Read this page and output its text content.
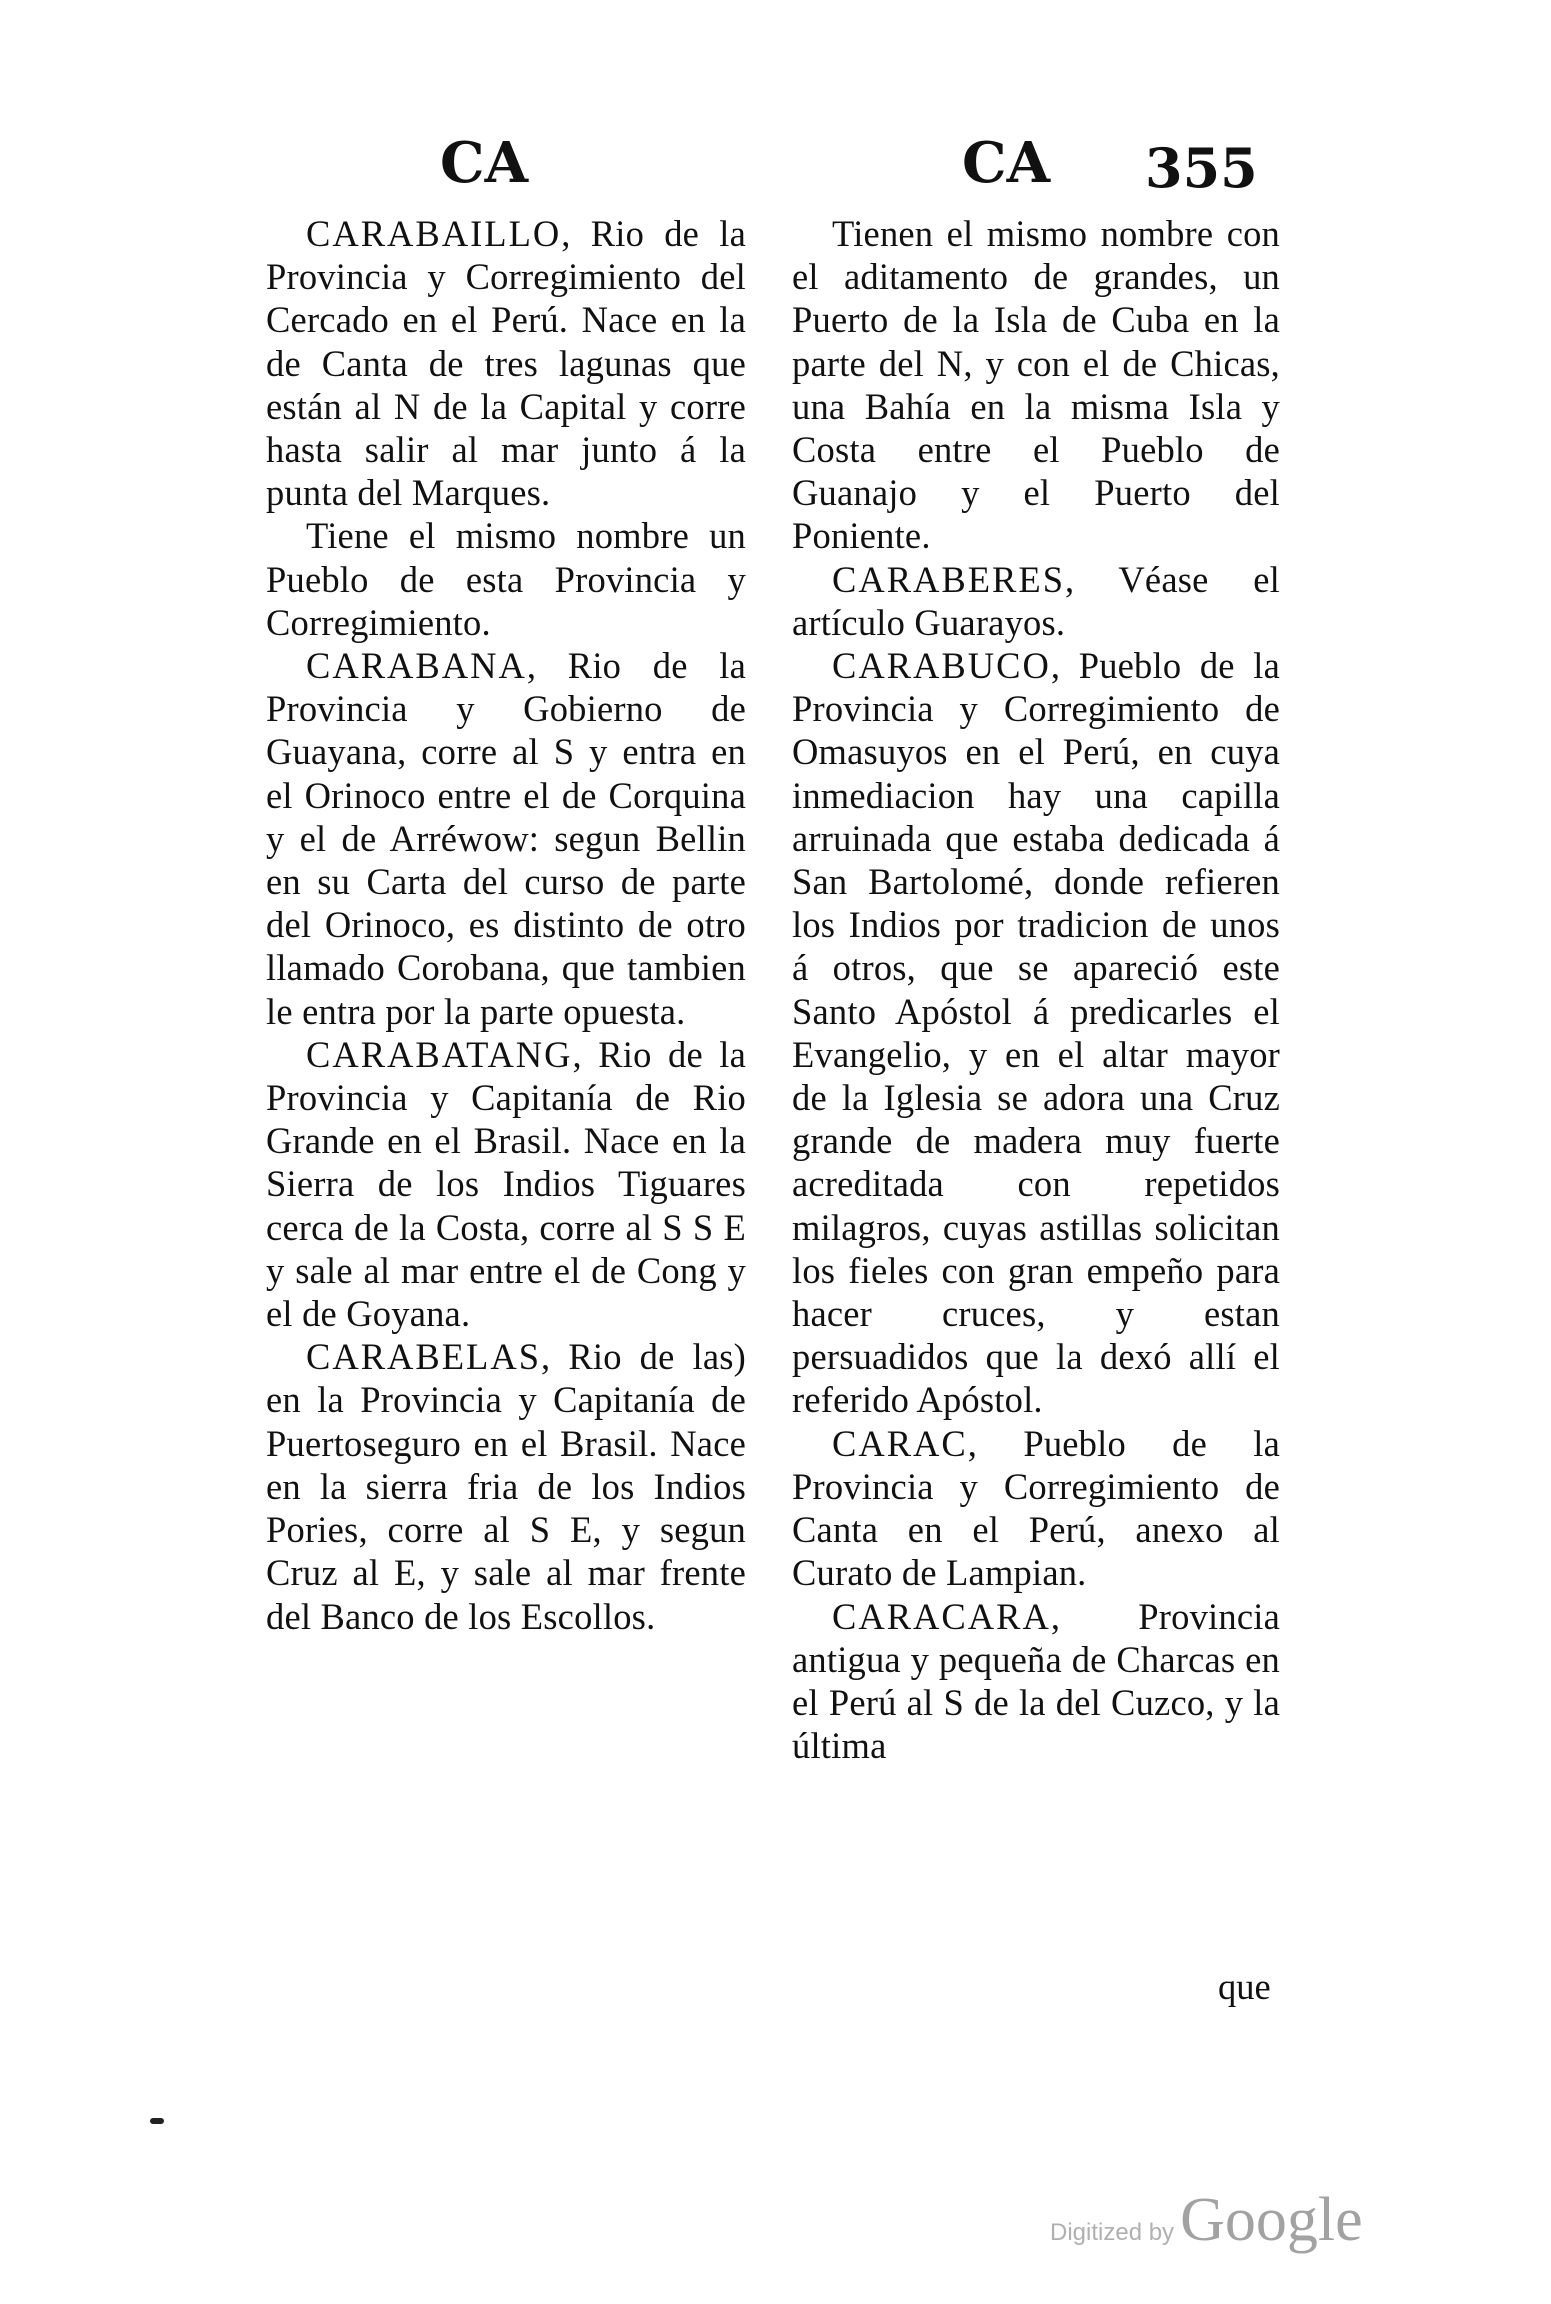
CA	CA 355

CARABAILLO, Rio de la Provincia y Corregimiento del Cercado en el Perú. Nace en la de Canta de tres lagunas que están al N de la Capital y corre hasta salir al mar junto á la punta del Marques.

Tiene el mismo nombre un Pueblo de esta Provincia y Corregimiento.

CARABANA, Rio de la Provincia y Gobierno de Guayana, corre al S y entra en el Orinoco entre el de Corquina y el de Arréwow: segun Bellin en su Carta del curso de parte del Orinoco, es distinto de otro llamado Corobana, que tambien le entra por la parte opuesta.

CARABATANG, Rio de la Provincia y Capitanía de Rio Grande en el Brasil. Nace en la Sierra de los Indios Tiguares cerca de la Costa, corre al S S E y sale al mar entre el de Cong y el de Goyana.

CARABELAS, Rio de las) en la Provincia y Capitanía de Puertoseguro en el Brasil. Nace en la sierra fria de los Indios Pories, corre al S E, y segun Cruz al E, y sale al mar frente del Banco de los Escollos.

Tienen el mismo nombre con el aditamento de grandes, un Puerto de la Isla de Cuba en la parte del N, y con el de Chicas, una Bahía en la misma Isla y Costa entre el Pueblo de Guanajo y el Puerto del Poniente.

CARABERES, Véase el artículo Guarayos.

CARABUCO, Pueblo de la Provincia y Corregimiento de Omasuyos en el Perú, en cuya inmediacion hay una capilla arruinada que estaba dedicada á San Bartolomé, donde refieren los Indios por tradicion de unos á otros, que se apareció este Santo Apóstol á predicarles el Evangelio, y en el altar mayor de la Iglesia se adora una Cruz grande de madera muy fuerte acreditada con repetidos milagros, cuyas astillas solicitan los fieles con gran empeño para hacer cruces, y estan persuadidos que la dexó allí el referido Apóstol.

CARAC, Pueblo de la Provincia y Corregimiento de Canta en el Perú, anexo al Curato de Lampian.

CARACARA, Provincia antigua y pequeña de Charcas en el Perú al S de la del Cuzco, y la última

que
Digitized byGoogle
